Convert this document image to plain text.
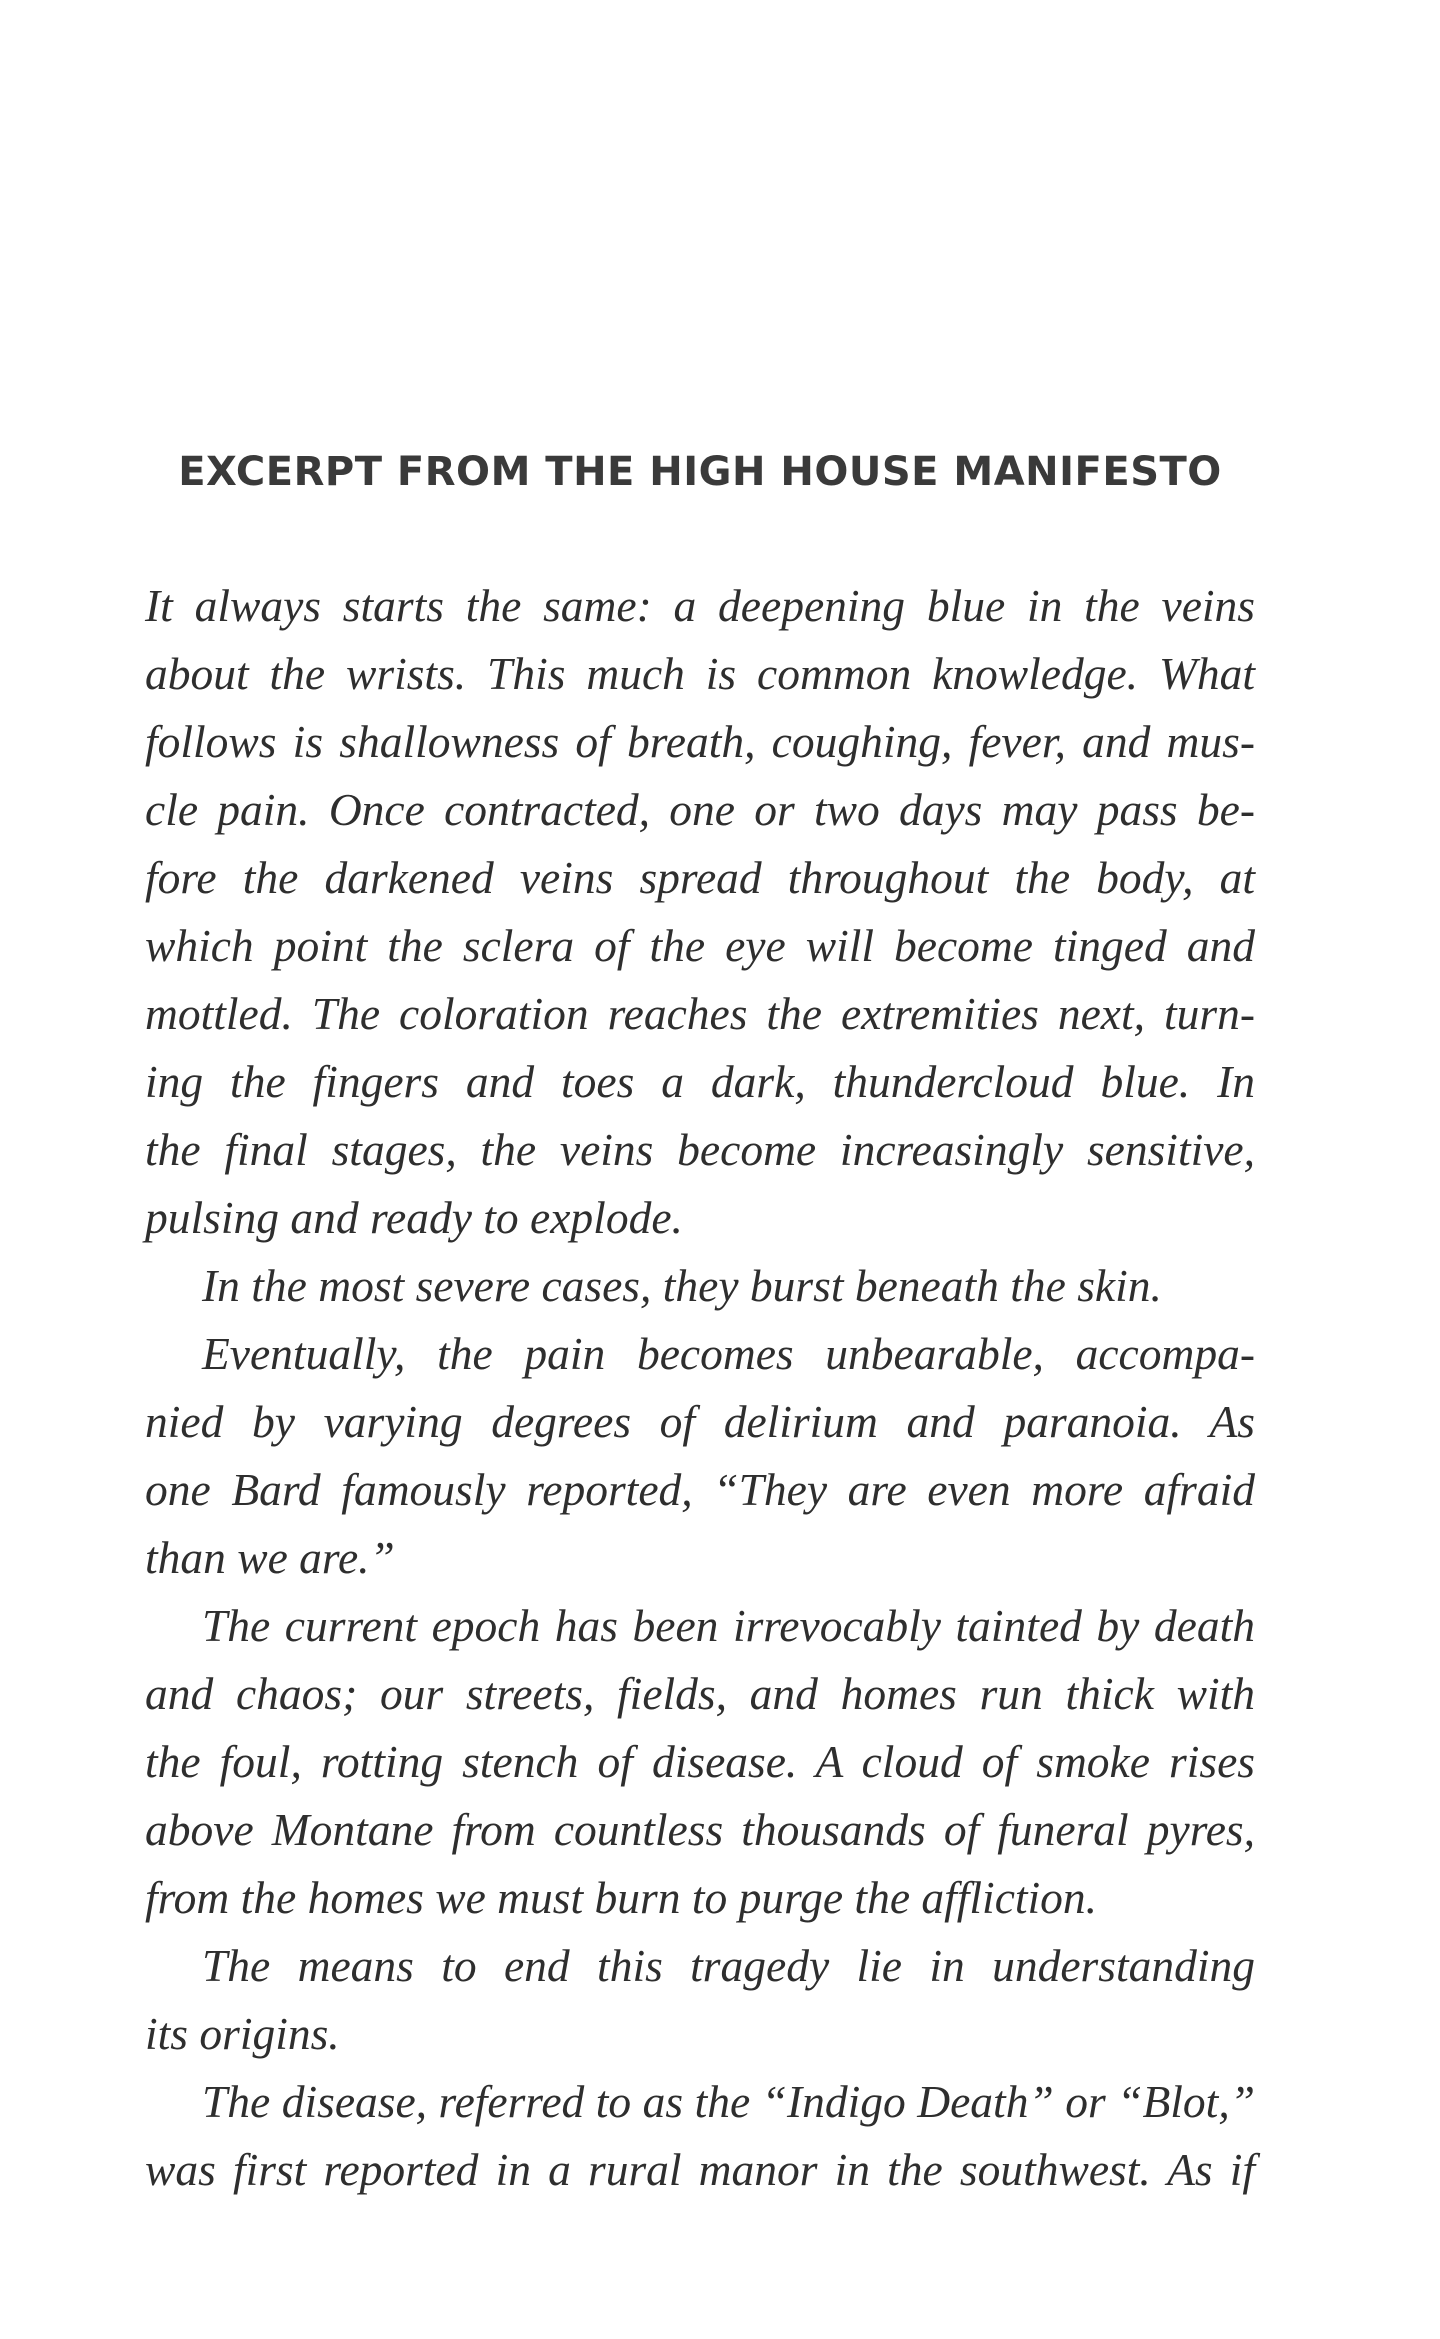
EXCERPT FROM THE HIGH HOUSE MANIFESTO
It always starts the same: a deepening blue in the veins
about the wrists. This much is common knowledge. What
follows is shallowness of breath, coughing, fever, and mus-
cle pain. Once contracted, one or two days may pass be-
fore the darkened veins spread throughout the body, at
which point the sclera of the eye will become tinged and
mottled. The coloration reaches the extremities next, turn-
ing the fingers and toes a dark, thundercloud blue. In
the final stages, the veins become increasingly sensitive,
pulsing and ready to explode.
In the most severe cases, they burst beneath the skin.
Eventually, the pain becomes unbearable, accompa-
nied by varying degrees of delirium and paranoia. As
one Bard famously reported, “They are even more afraid
than we are.”
The current epoch has been irrevocably tainted by death
and chaos; our streets, fields, and homes run thick with
the foul, rotting stench of disease. A cloud of smoke rises
above Montane from countless thousands of funeral pyres,
from the homes we must burn to purge the affliction.
The means to end this tragedy lie in understanding
its origins.
The disease, referred to as the “Indigo Death” or “Blot,”
was first reported in a rural manor in the southwest. As if
